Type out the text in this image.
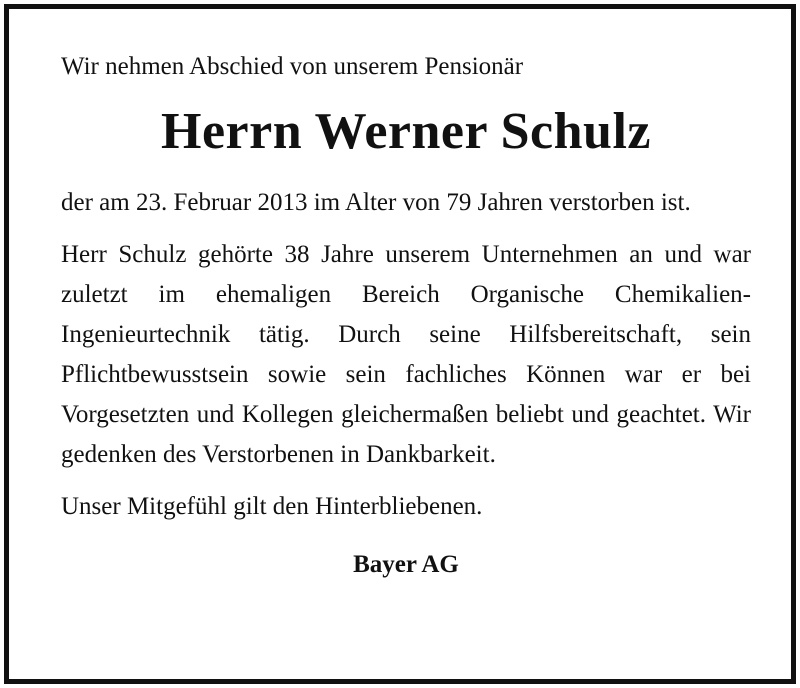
Wir nehmen Abschied von unserem Pensionär

Herrn Werner Schulz

der am 23. Februar 2013 im Alter von 79 Jahren verstorben ist.

Herr Schulz gehörte 38 Jahre unserem Unternehmen an und war zuletzt im ehemaligen Bereich Organische Chemikalien-Ingenieurtechnik tätig. Durch seine Hilfsbereitschaft, sein Pflichtbewusstsein sowie sein fachliches Können war er bei Vorgesetzten und Kollegen gleichermaßen beliebt und geachtet. Wir gedenken des Verstorbenen in Dankbarkeit.

Unser Mitgefühl gilt den Hinterbliebenen.

Bayer AG
